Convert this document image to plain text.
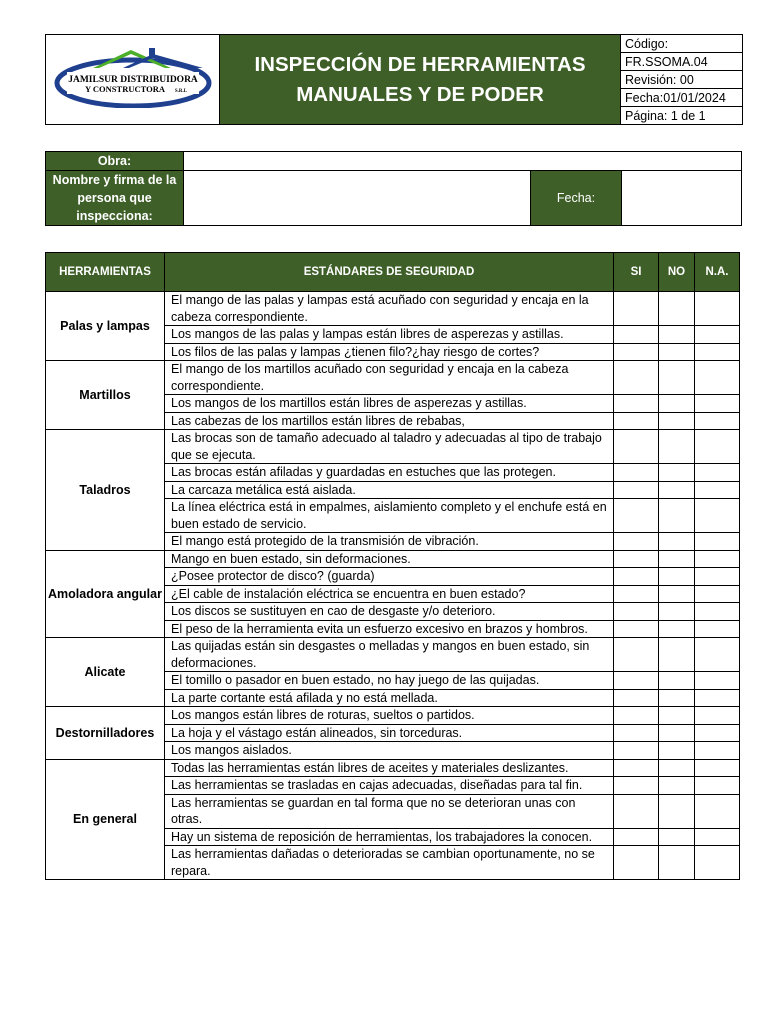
JAMILSUR DISTRIBUIDORA
Y CONSTRUCTORA S.R.L

INSPECCIÓN DE HERRAMIENTAS
MANUALES Y DE PODER
	Código:
FR.SSOMA.04
Revisión: 00
Fecha:01/01/2024
Página: 1 de 1
Obra:			
Nombre y firma de la persona que inspecciona:		Fecha:	
HERRAMIENTAS	ESTÁNDARES DE SEGURIDAD	SI	NO	N.A.
Palas y lampas	El mango de las palas y lampas está acuñado con seguridad y encaja en la cabeza correspondiente.			
	Los mangos de las palas y lampas están libres de asperezas y astillas.			
	Los filos de las palas y lampas ¿tienen filo?¿hay riesgo de cortes?			
Martillos	El mango de los martillos acuñado con seguridad y encaja en la cabeza correspondiente.			
	Los mangos de los martillos están libres de asperezas y astillas.			
	Las cabezas de los martillos están libres de rebabas,			
Taladros	Las brocas son de tamaño adecuado al taladro y adecuadas al tipo de trabajo que se ejecuta.			
	Las brocas están afiladas y guardadas en estuches que las protegen.			
	La carcaza metálica está aislada.			
	La línea eléctrica está in empalmes, aislamiento completo y el enchufe está en buen estado de servicio.			
	El mango está protegido de la transmisión de vibración.			
Amoladora angular	Mango en buen estado, sin deformaciones.			
	¿Posee protector de disco? (guarda)			
	¿El cable de instalación eléctrica se encuentra en buen estado?			
	Los discos se sustituyen en cao de desgaste y/o deterioro.			
	El peso de la herramienta evita un esfuerzo excesivo en brazos y hombros.			
Alicate	Las quijadas están sin desgastes o melladas y mangos en buen estado, sin deformaciones.			
	El tomillo o pasador en buen estado, no hay juego de las quijadas.			
	La parte cortante está afilada y no está mellada.			
Destornilladores	Los mangos están libres de roturas, sueltos o partidos.			
	La hoja y el vástago están alineados, sin torceduras.			
	Los mangos aislados.			
En general	Todas las herramientas están libres de aceites y materiales deslizantes.			
	Las herramientas se trasladas en cajas adecuadas, diseñadas para tal fin.			
	Las herramientas se guardan en tal forma que no se deterioran unas con otras.			
	Hay un sistema de reposición de herramientas, los trabajadores la conocen.			
	Las herramientas dañadas o deterioradas se cambian oportunamente, no se repara.			
